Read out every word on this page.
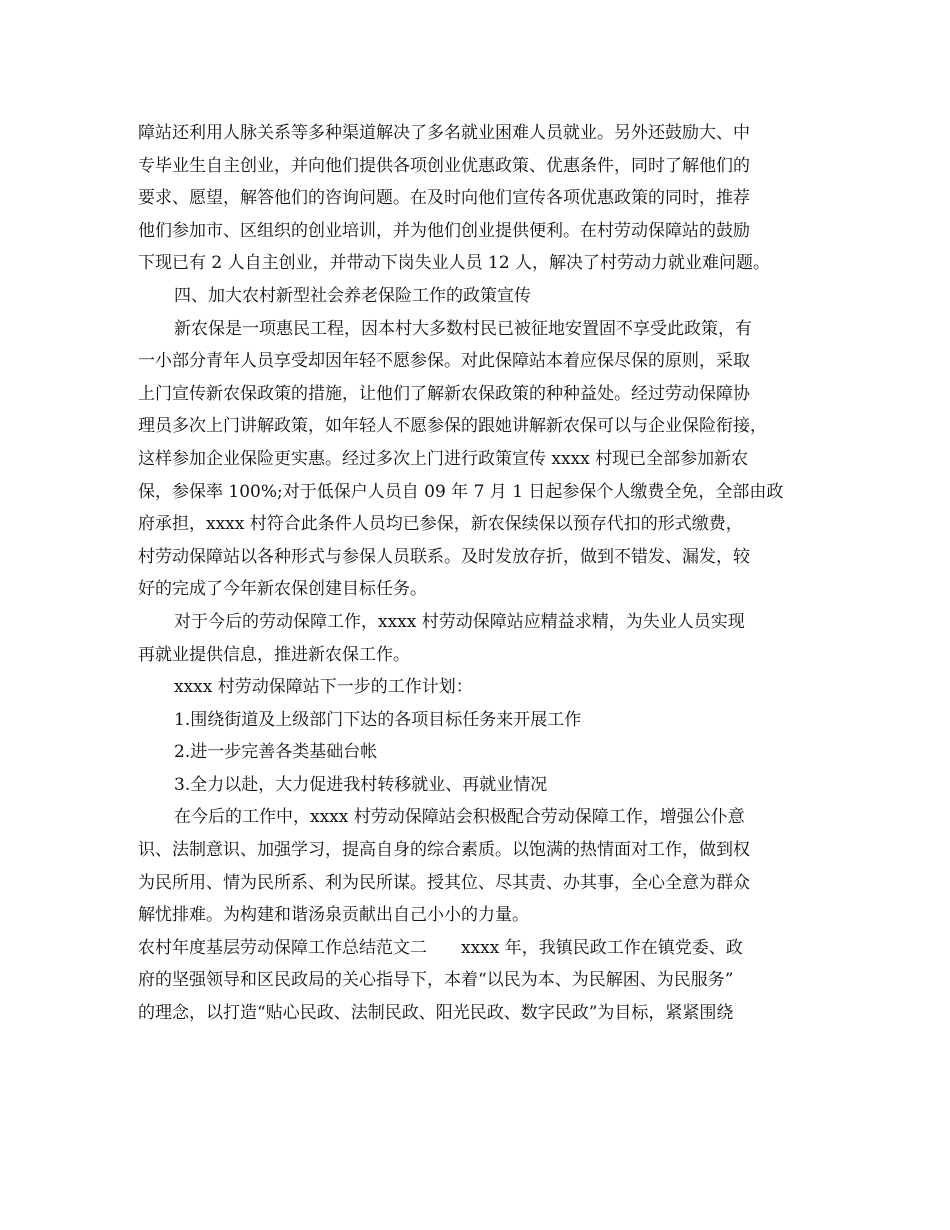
障站还利用人脉关系等多种渠道解决了多名就业困难人员就业。另外还鼓励大、中
专毕业生自主创业，并向他们提供各项创业优惠政策、优惠条件，同时了解他们的
要求、愿望，解答他们的咨询问题。在及时向他们宣传各项优惠政策的同时，推荐
他们参加市、区组织的创业培训，并为他们创业提供便利。在村劳动保障站的鼓励
下现已有 2 人自主创业，并带动下岗失业人员 12 人，解决了村劳动力就业难问题。
四、加大农村新型社会养老保险工作的政策宣传
新农保是一项惠民工程，因本村大多数村民已被征地安置固不享受此政策，有
一小部分青年人员享受却因年轻不愿参保。对此保障站本着应保尽保的原则，采取
上门宣传新农保政策的措施，让他们了解新农保政策的种种益处。经过劳动保障协
理员多次上门讲解政策，如年轻人不愿参保的跟她讲解新农保可以与企业保险衔接，
这样参加企业保险更实惠。经过多次上门进行政策宣传 xxxx 村现已全部参加新农
保，参保率 100%;对于低保户人员自 09 年 7 月 1 日起参保个人缴费全免，全部由政
府承担，xxxx 村符合此条件人员均已参保，新农保续保以预存代扣的形式缴费，
村劳动保障站以各种形式与参保人员联系。及时发放存折，做到不错发、漏发，较
好的完成了今年新农保创建目标任务。
对于今后的劳动保障工作，xxxx 村劳动保障站应精益求精，为失业人员实现
再就业提供信息，推进新农保工作。
xxxx 村劳动保障站下一步的工作计划：
1.围绕街道及上级部门下达的各项目标任务来开展工作
2.进一步完善各类基础台帐
3.全力以赴，大力促进我村转移就业、再就业情况
在今后的工作中，xxxx 村劳动保障站会积极配合劳动保障工作，增强公仆意
识、法制意识、加强学习，提高自身的综合素质。以饱满的热情面对工作，做到权
为民所用、情为民所系、利为民所谋。授其位、尽其责、办其事，全心全意为群众
解忧排难。为构建和谐汤泉贡献出自己小小的力量。
农村年度基层劳动保障工作总结范文二　　xxxx 年，我镇民政工作在镇党委、政
府的坚强领导和区民政局的关心指导下，本着“以民为本、为民解困、为民服务”
的理念，以打造“贴心民政、法制民政、阳光民政、数字民政”为目标，紧紧围绕
